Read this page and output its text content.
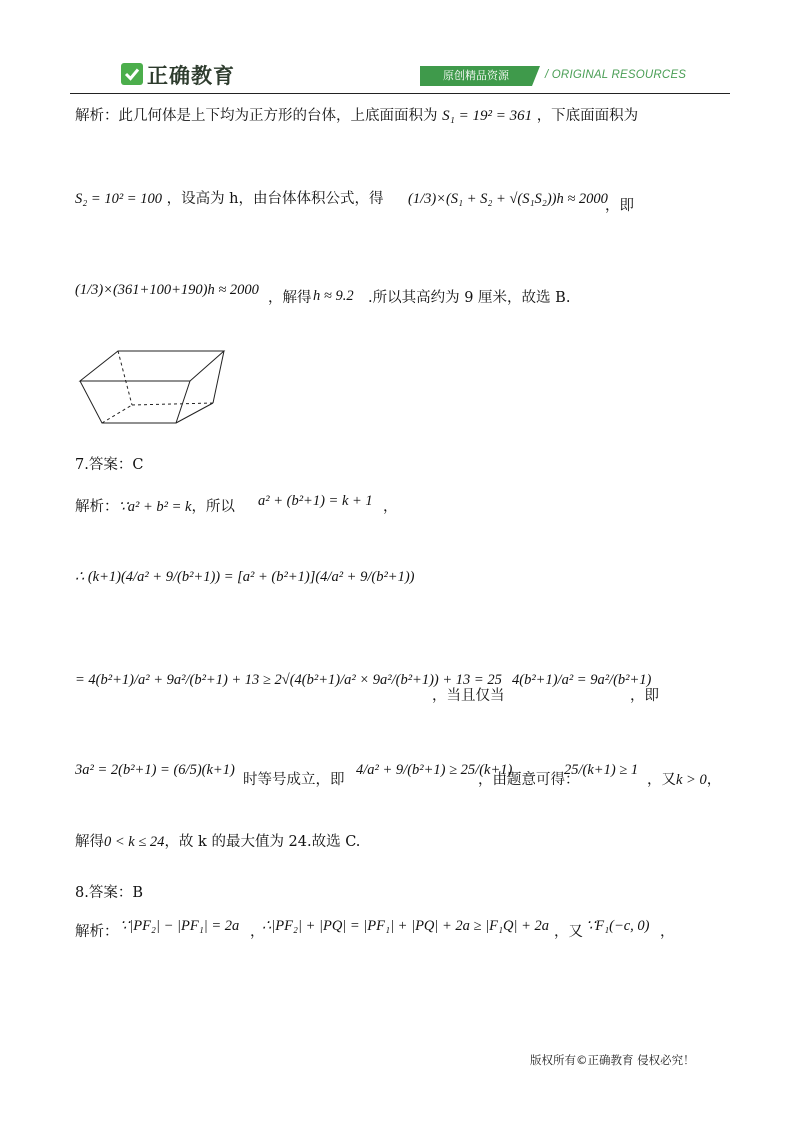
正确教育	原创精品资源	/ ORIGINAL RESOURCES
解析：此几何体是上下均为正方形的台体，上底面面积为 S₁ = 19² = 361 ，下底面面积为
S₂ = 10² = 100 ，设高为 h，由台体体积公式，得 (1/3)×(S₁ + S₂ + √(S₁S₂))h ≈ 2000
，即
(1/3)×(361+100+190)h ≈ 2000 ，解得 h ≈ 9.2 .所以其高约为 9 厘米，故选 B.
7.答案：C
解析：∵a² + b² = k，所以 a² + (b²+1) = k + 1 ，
∴ (k+1)(4/a² + 9/(b²+1)) = [a² + (b²+1)](4/a² + 9/(b²+1))
= 4(b²+1)/a² + 9a²/(b²+1) + 13 ≥ 2√(4(b²+1)/a² × 9a²/(b²+1)) + 13 = 25
，当且仅当
4(b²+1)/a² = 9a²/(b²+1)
，即
3a² = 2(b²+1) = (6/5)(k+1)
时等号成立，即
4/a² + 9/(b²+1) ≥ 25/(k+1)
，由题意可得：
25/(k+1) ≥ 1
，又k > 0，
解得0 < k ≤ 24，故 k 的最大值为 24.故选 C.
8.答案：B
解析： ∵|PF₂| − |PF₁| = 2a ，
∴|PF₂| + |PQ| = |PF₁| + |PQ| + 2a ≥ |F₁Q| + 2a ，又 ∵F₁(−c, 0) ，
版权所有©正确教育 侵权必究！
